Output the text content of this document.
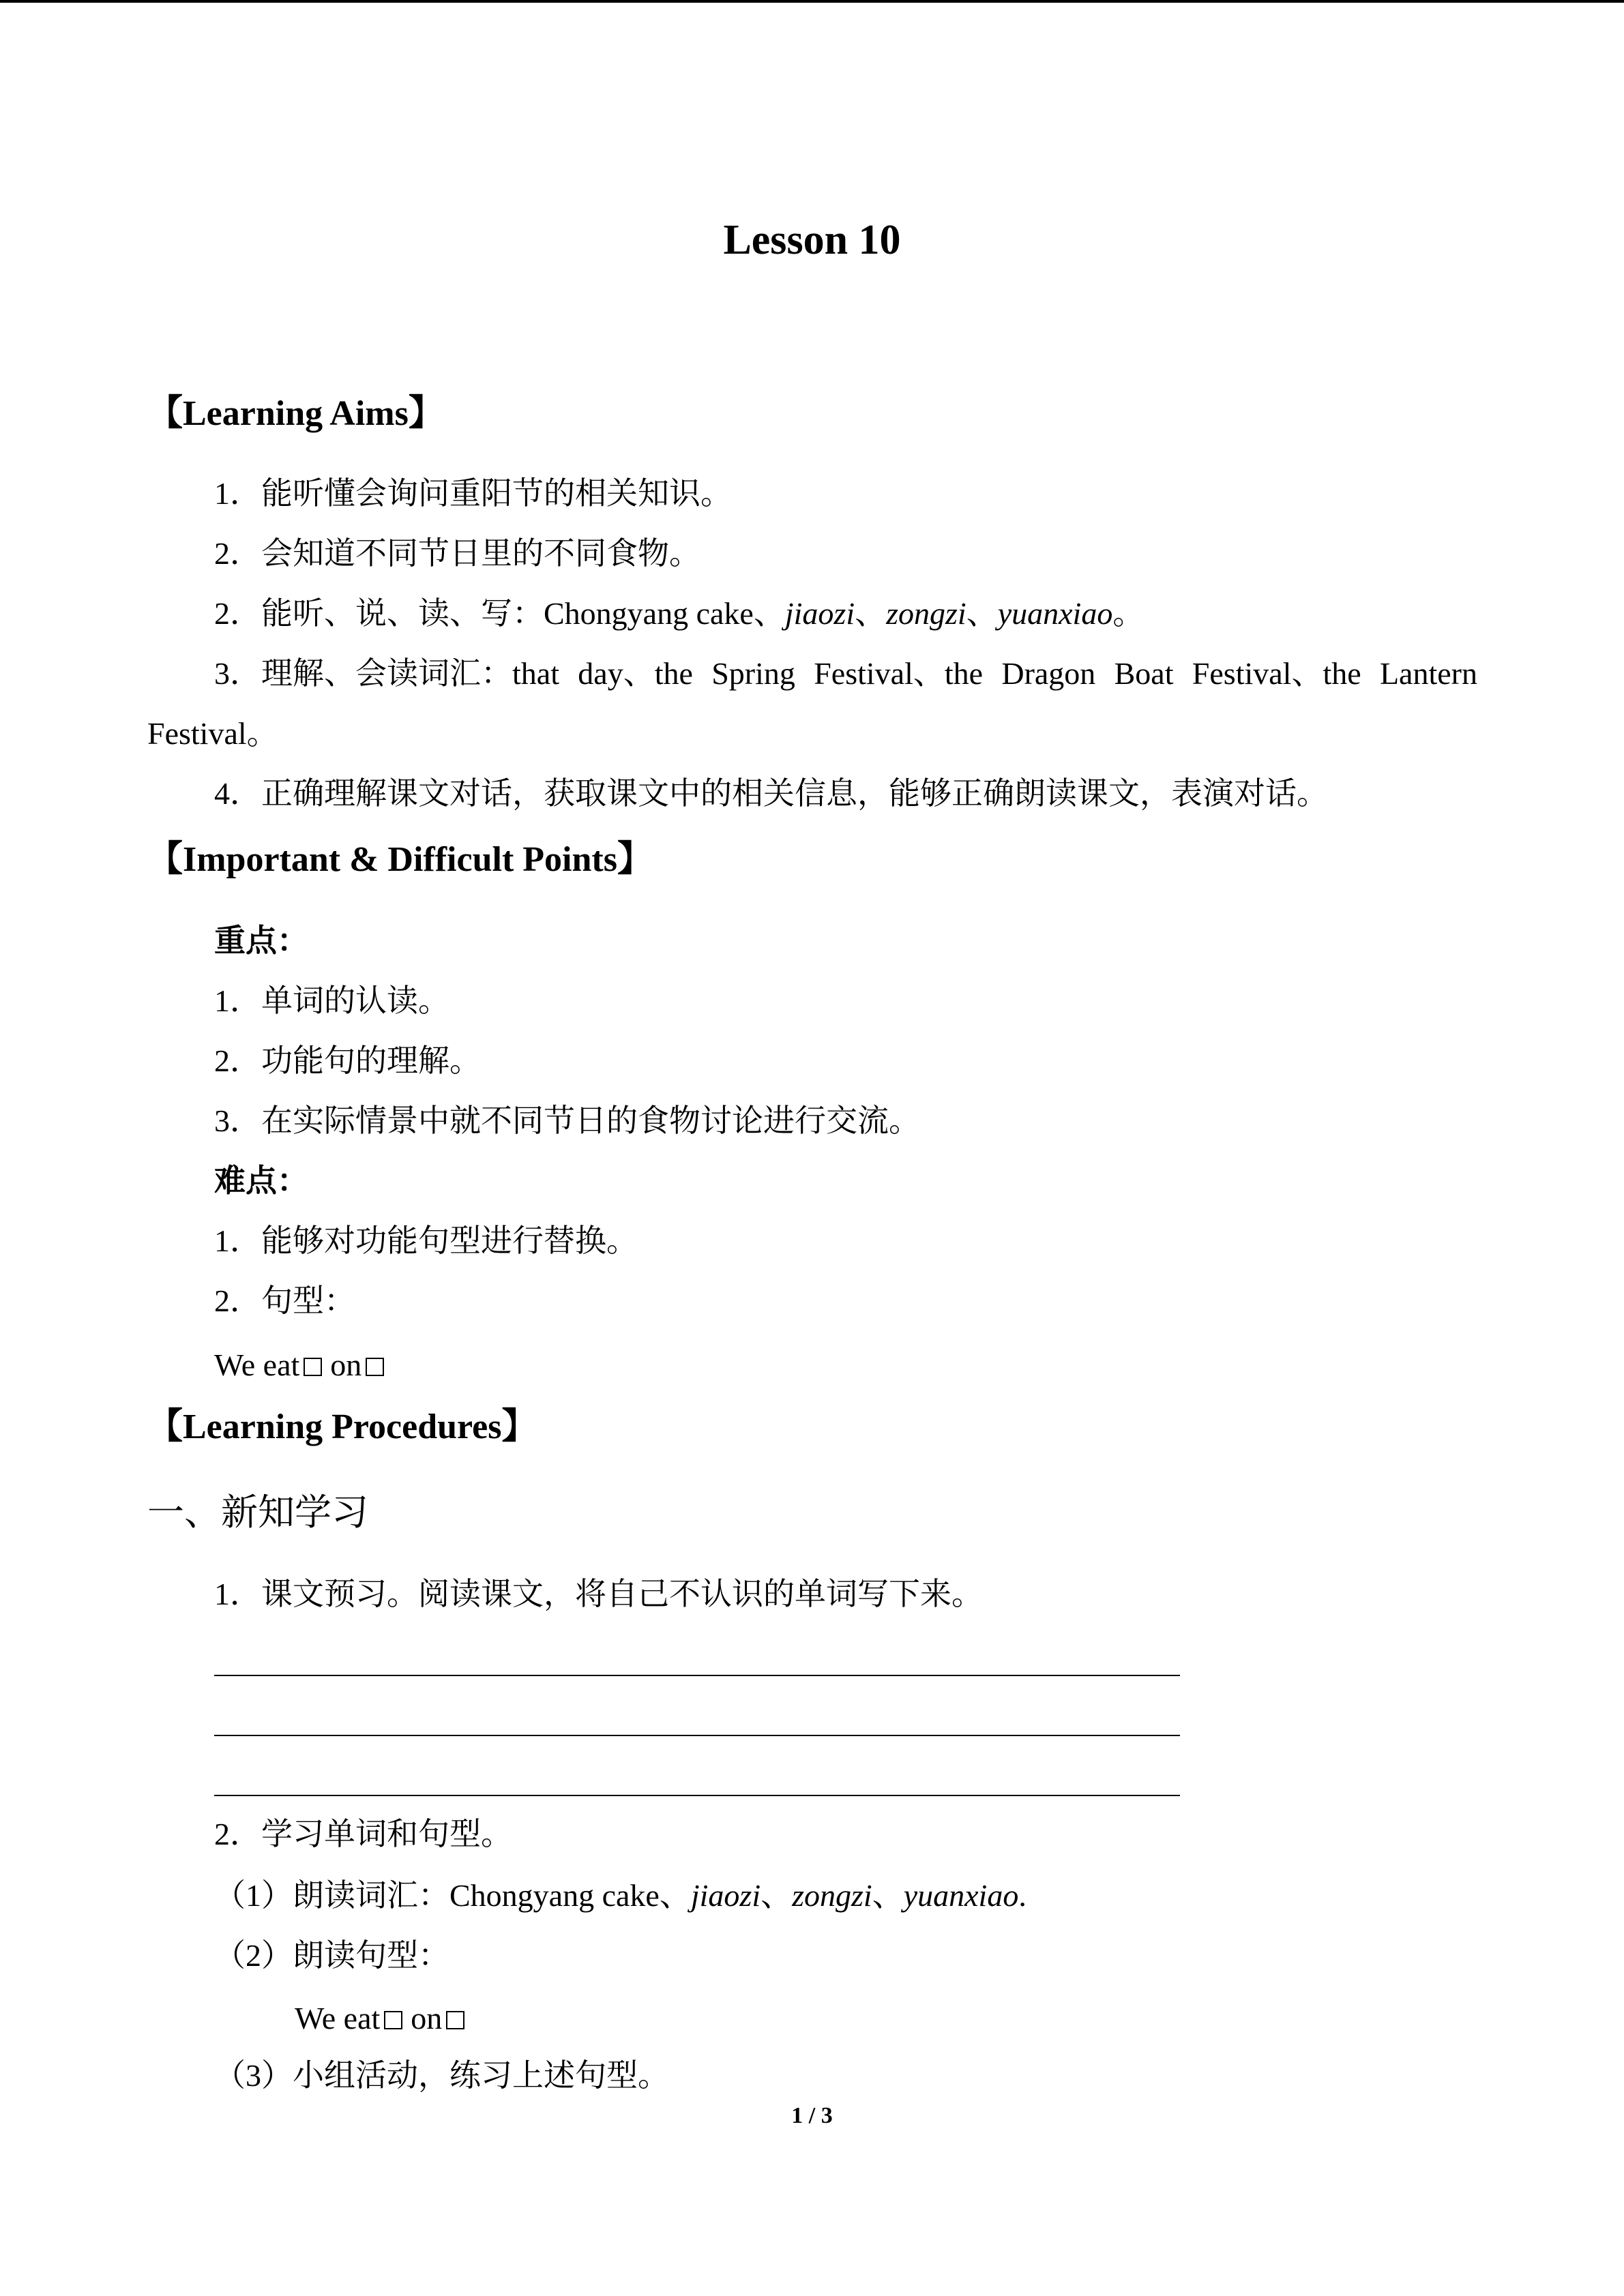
Lesson 10
【Learning Aims】
1．能听懂会询问重阳节的相关知识。
2．会知道不同节日里的不同食物。
2．能听、说、读、写：Chongyang cake、jiaozi、zongzi、yuanxiao。
3．理解、会读词汇：that day、the Spring Festival、the Dragon Boat Festival、the Lantern
Festival。
4．正确理解课文对话，获取课文中的相关信息，能够正确朗读课文，表演对话。
【Important & Difficult Points】
重点：
1．单词的认读。
2．功能句的理解。
3．在实际情景中就不同节日的食物讨论进行交流。
难点：
1．能够对功能句型进行替换。
2．句型：
We eat on
【Learning Procedures】
一、新知学习
1．课文预习。阅读课文，将自己不认识的单词写下来。
2．学习单词和句型。
（1）朗读词汇：Chongyang cake、jiaozi、zongzi、yuanxiao.
（2）朗读句型：
We eat on
（3）小组活动，练习上述句型。
1 / 3
